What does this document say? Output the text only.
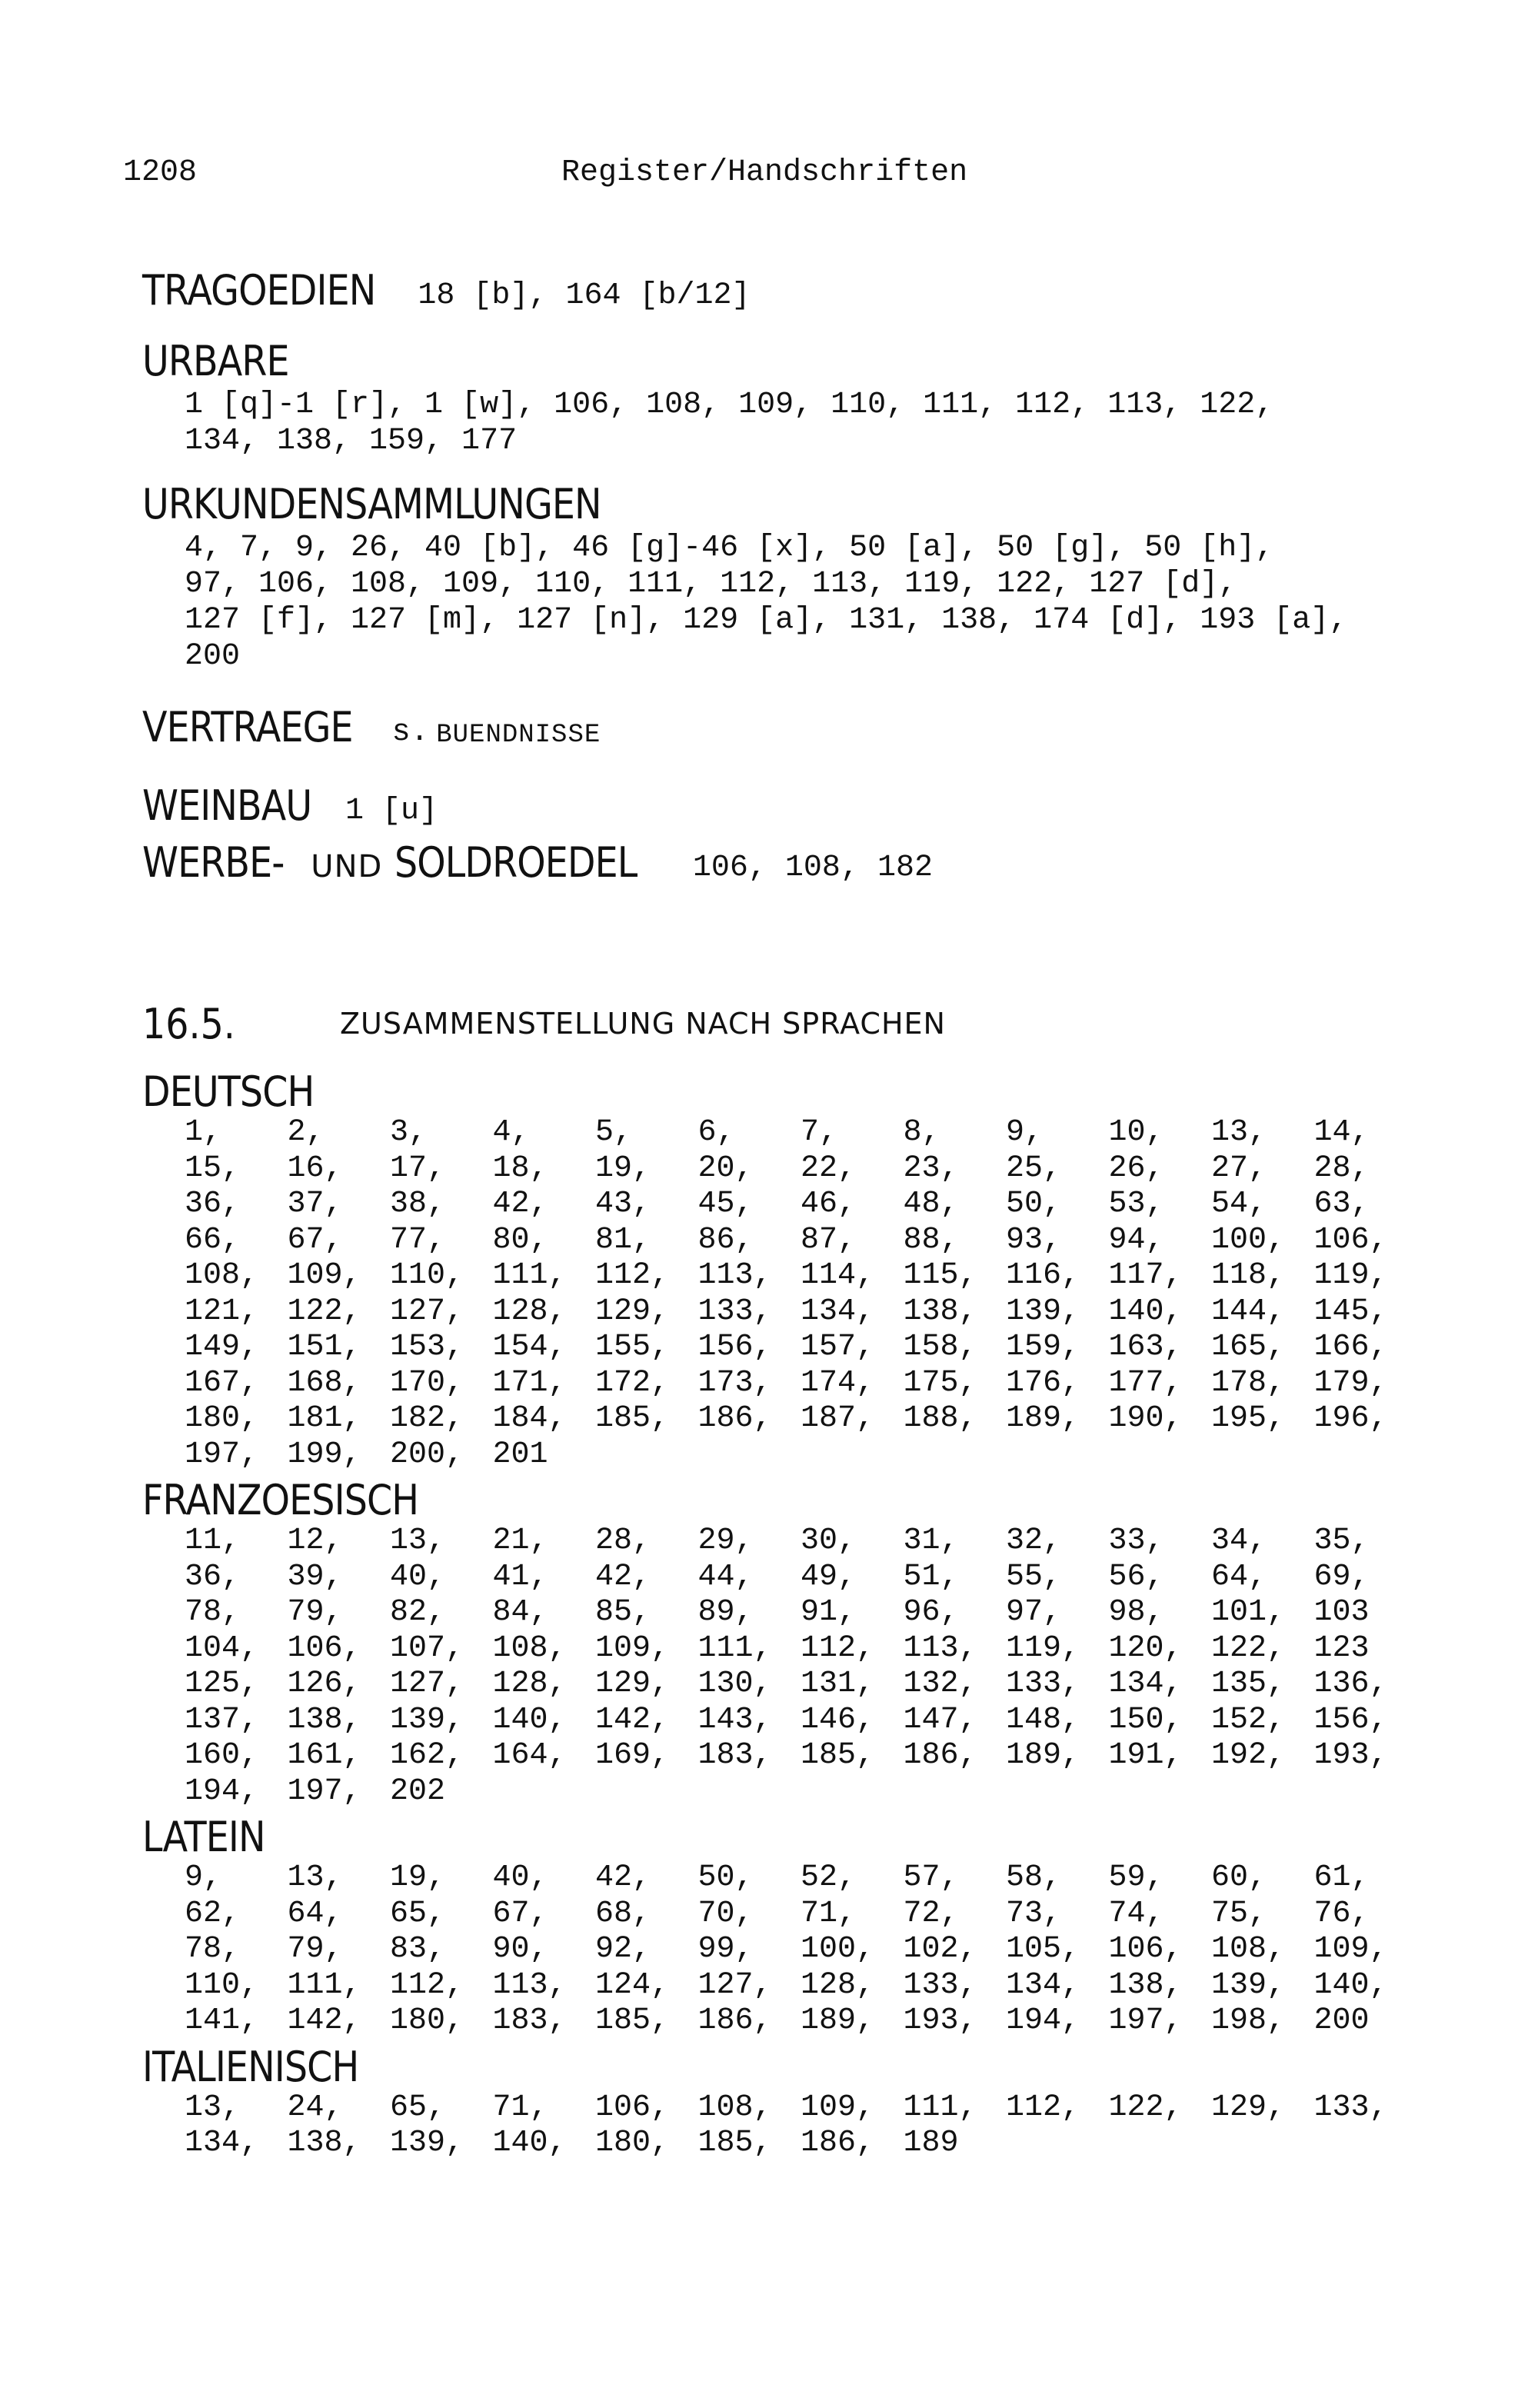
1208	Register/Handschriften
TRAGOEDIEN 18 [b], 164 [b/12]
URBARE
1 [q]-1 [r], 1 [w], 106, 108, 109, 110, 111, 112, 113, 122,
134, 138, 159, 177
URKUNDENSAMMLUNGEN
4, 7, 9, 26, 40 [b], 46 [g]-46 [x], 50 [a], 50 [g], 50 [h],
97, 106, 108, 109, 110, 111, 112, 113, 119, 122, 127 [d],
127 [f], 127 [m], 127 [n], 129 [a], 131, 138, 174 [d], 193 [a],
200
VERTRAEGE s. BUENDNISSE
WEINBAU 1 [u]
WERBE- UND SOLDROEDEL 106, 108, 182
16.5.	ZUSAMMENSTELLUNG NACH SPRACHEN
DEUTSCH
1,	2,	3,	4,	5,	6,	7,	8,	9,	10,	13,	14,
15,	16,	17,	18,	19,	20,	22,	23,	25,	26,	27,	28,
36,	37,	38,	42,	43,	45,	46,	48,	50,	53,	54,	63,
66,	67,	77,	80,	81,	86,	87,	88,	93,	94,	100, 106,
108, 109, 110, 111, 112, 113, 114, 115, 116, 117, 118, 119,
121, 122, 127, 128, 129, 133, 134, 138, 139, 140, 144, 145,
149, 151, 153, 154, 155, 156, 157, 158, 159, 163, 165, 166,
167, 168, 170, 171, 172, 173, 174, 175, 176, 177, 178, 179,
180, 181, 182, 184, 185, 186, 187, 188, 189, 190, 195, 196,
197, 199, 200, 201
FRANZOESISCH
11,	12,	13,	21,	28,	29,	30,	31,	32,	33,	34,	35,
36,	39,	40,	41,	42,	44,	49,	51,	55,	56,	64,	69,
78,	79,	82,	84,	85,	89,	91,	96,	97,	98,	101, 103
104, 106, 107, 108, 109, 111, 112, 113, 119, 120, 122, 123
125, 126, 127, 128, 129, 130, 131, 132, 133, 134, 135, 136,
137, 138, 139, 140, 142, 143, 146, 147, 148, 150, 152, 156,
160, 161, 162, 164, 169, 183, 185, 186, 189, 191, 192, 193,
194, 197, 202
LATEIN
9,	13,	19,	40,	42,	50,	52,	57,	58,	59,	60,	61,
62,	64,	65,	67,	68,	70,	71,	72,	73,	74,	75,	76,
78,	79,	83,	90,	92,	99,	100, 102, 105, 106, 108, 109,
110, 111, 112, 113, 124, 127, 128, 133, 134, 138, 139, 140,
141, 142, 180, 183, 185, 186, 189, 193, 194, 197, 198, 200
ITALIENISCH
13,	24,	65,	71,	106, 108, 109, 111, 112, 122, 129, 133,
134, 138, 139, 140, 180, 185, 186, 189
